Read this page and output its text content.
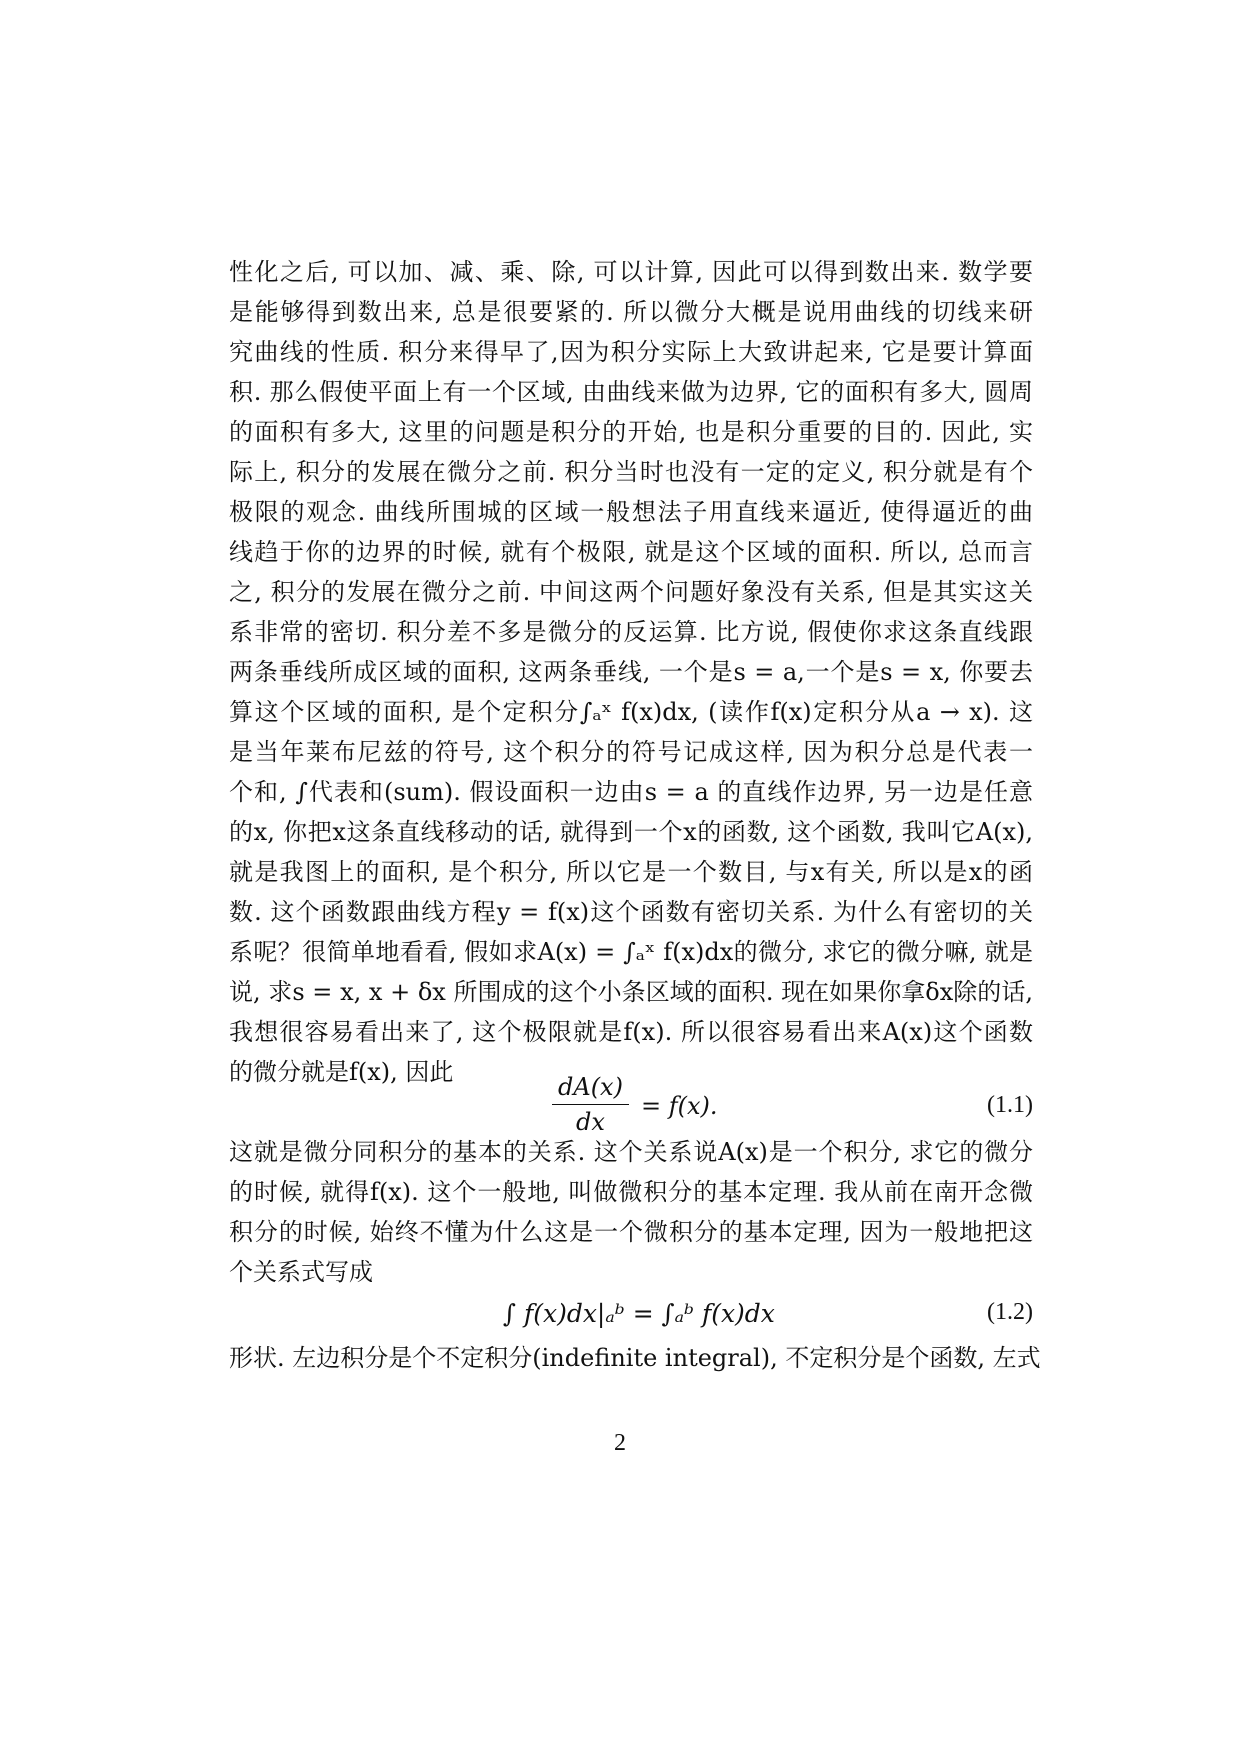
性化之后, 可以加、减、乘、除, 可以计算, 因此可以得到数出来. 数学要
是能够得到数出来, 总是很要紧的. 所以微分大概是说用曲线的切线来研
究曲线的性质. 积分来得早了,因为积分实际上大致讲起来, 它是要计算面
积. 那么假使平面上有一个区域, 由曲线来做为边界, 它的面积有多大, 圆周
的面积有多大, 这里的问题是积分的开始, 也是积分重要的目的. 因此, 实
际上, 积分的发展在微分之前. 积分当时也没有一定的定义, 积分就是有个
极限的观念. 曲线所围城的区域一般想法子用直线来逼近, 使得逼近的曲
线趋于你的边界的时候, 就有个极限, 就是这个区域的面积. 所以, 总而言
之, 积分的发展在微分之前. 中间这两个问题好象没有关系, 但是其实这关
系非常的密切. 积分差不多是微分的反运算. 比方说, 假使你求这条直线跟
两条垂线所成区域的面积, 这两条垂线, 一个是s = a,一个是s = x, 你要去
算这个区域的面积, 是个定积分∫ₐˣ f(x)dx, (读作f(x)定积分从a → x). 这
是当年莱布尼兹的符号, 这个积分的符号记成这样, 因为积分总是代表一
个和, ∫代表和(sum). 假设面积一边由s = a 的直线作边界, 另一边是任意
的x, 你把x这条直线移动的话, 就得到一个x的函数, 这个函数, 我叫它A(x),
就是我图上的面积, 是个积分, 所以它是一个数目, 与x有关, 所以是x的函
数. 这个函数跟曲线方程y = f(x)这个函数有密切关系. 为什么有密切的关
系呢？很简单地看看, 假如求A(x) = ∫ₐˣ f(x)dx的微分, 求它的微分嘛, 就是
说, 求s = x, x + δx 所围成的这个小条区域的面积. 现在如果你拿δx除的话,
我想很容易看出来了, 这个极限就是f(x). 所以很容易看出来A(x)这个函数
的微分就是f(x), 因此	$\frac{dA(x)}{dx} = f(x)$.	(1.1)
这就是微分同积分的基本的关系. 这个关系说A(x)是一个积分, 求它的微分
的时候, 就得f(x). 这个一般地, 叫做微积分的基本定理. 我从前在南开念微
积分的时候, 始终不懂为什么这是一个微积分的基本定理, 因为一般地把这
个关系式写成
∫ f(x)dx|ₐᵇ = ∫ₐᵇ f(x)dx	(1.2)
形状. 左边积分是个不定积分(indefinite integral), 不定积分是个函数, 左式
2
